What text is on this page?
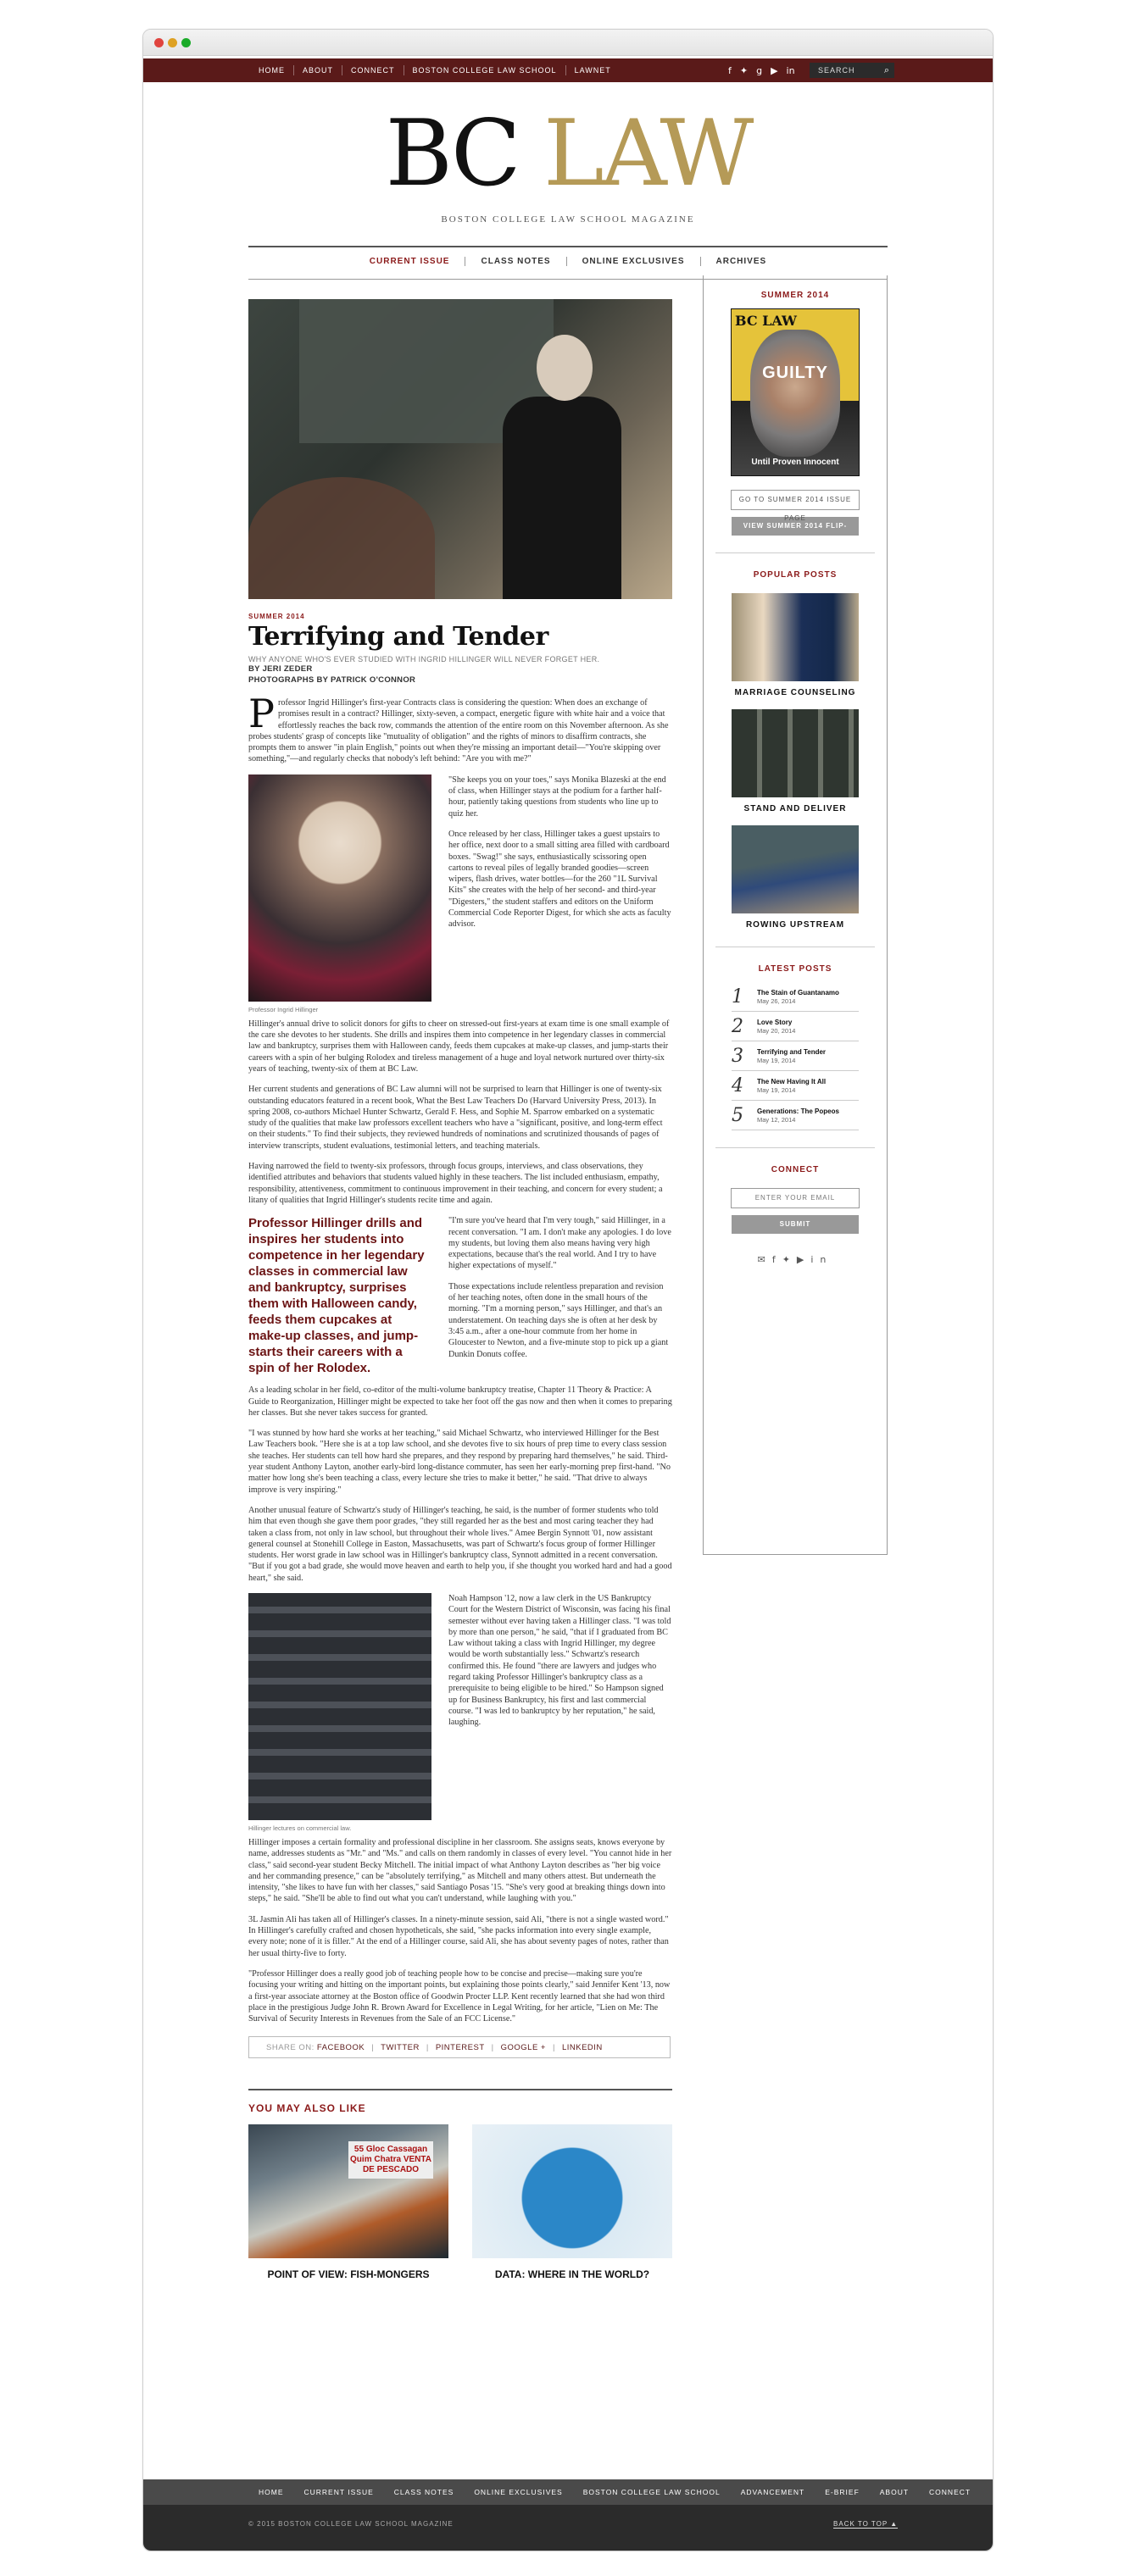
HOME	ABOUT	CONNECT	BOSTON COLLEGE LAW SCHOOL	LAWNET	f ✦ g ▶ in	SEARCH	⌕
BC LAW
BOSTON COLLEGE LAW SCHOOL MAGAZINE
CURRENT ISSUE	CLASS NOTES	ONLINE EXCLUSIVES	ARCHIVES
SUMMER 2014
Terrifying and Tender
WHY ANYONE WHO'S EVER STUDIED WITH INGRID HILLINGER WILL NEVER FORGET HER.
BY JERI ZEDER
PHOTOGRAPHS BY PATRICK O'CONNOR

Professor Ingrid Hillinger's first-year Contracts class is considering the question: When does an exchange of promises result in a contract? Hillinger, sixty-seven, a compact, energetic figure with white hair and a voice that effortlessly reaches the back row, commands the attention of the entire room on this November afternoon. As she probes students' grasp of concepts like "mutuality of obligation" and the rights of minors to disaffirm contracts, she prompts them to answer "in plain English," points out when they're missing an important detail—"You're skipping over something,"—and regularly checks that nobody's left behind: "Are you with me?"

Professor Ingrid Hillinger

"She keeps you on your toes," says Monika Blazeski at the end of class, when Hillinger stays at the podium for a farther half-hour, patiently taking questions from students who line up to quiz her.

Once released by her class, Hillinger takes a guest upstairs to her office, next door to a small sitting area filled with cardboard boxes. "Swag!" she says, enthusiastically scissoring open cartons to reveal piles of legally branded goodies—screen wipers, flash drives, water bottles—for the 260 "1L Survival Kits" she creates with the help of her second- and third-year "Digesters," the student staffers and editors on the Uniform Commercial Code Reporter Digest, for which she acts as faculty advisor.

Hillinger's annual drive to solicit donors for gifts to cheer on stressed-out first-years at exam time is one small example of the care she devotes to her students. She drills and inspires them into competence in her legendary classes in commercial law and bankruptcy, surprises them with Halloween candy, feeds them cupcakes at make-up classes, and jump-starts their careers with a spin of her bulging Rolodex and tireless management of a huge and loyal network nurtured over thirty-six years of teaching, twenty-six of them at BC Law.

Her current students and generations of BC Law alumni will not be surprised to learn that Hillinger is one of twenty-six outstanding educators featured in a recent book, What the Best Law Teachers Do (Harvard University Press, 2013). In spring 2008, co-authors Michael Hunter Schwartz, Gerald F. Hess, and Sophie M. Sparrow embarked on a systematic study of the qualities that make law professors excellent teachers who have a "significant, positive, and long-term effect on their students." To find their subjects, they reviewed hundreds of nominations and scrutinized thousands of pages of interview transcripts, student evaluations, testimonial letters, and teaching materials.

Having narrowed the field to twenty-six professors, through focus groups, interviews, and class observations, they identified attributes and behaviors that students valued highly in these teachers. The list included enthusiasm, empathy, responsibility, attentiveness, commitment to continuous improvement in their teaching, and concern for every student; a litany of qualities that Ingrid Hillinger's students recite time and again.

Professor Hillinger drills and inspires her students into competence in her legendary classes in commercial law and bankruptcy, surprises them with Halloween candy, feeds them cupcakes at make-up classes, and jump-starts their careers with a spin of her Rolodex.

"I'm sure you've heard that I'm very tough," said Hillinger, in a recent conversation. "I am. I don't make any apologies. I do love my students, but loving them also means having very high expectations, because that's the real world. And I try to have higher expectations of myself."

Those expectations include relentless preparation and revision of her teaching notes, often done in the small hours of the morning. "I'm a morning person," says Hillinger, and that's an understatement. On teaching days she is often at her desk by 3:45 a.m., after a one-hour commute from her home in Gloucester to Newton, and a five-minute stop to pick up a giant Dunkin Donuts coffee.

As a leading scholar in her field, co-editor of the multi-volume bankruptcy treatise, Chapter 11 Theory & Practice: A Guide to Reorganization, Hillinger might be expected to take her foot off the gas now and then when it comes to preparing her classes. But she never takes success for granted.

"I was stunned by how hard she works at her teaching," said Michael Schwartz, who interviewed Hillinger for the Best Law Teachers book. "Here she is at a top law school, and she devotes five to six hours of prep time to every class session she teaches. Her students can tell how hard she prepares, and they respond by preparing hard themselves," he said. Third-year student Anthony Layton, another early-bird long-distance commuter, has seen her early-morning prep first-hand. "No matter how long she's been teaching a class, every lecture she tries to make it better," he said. "That drive to always improve is very inspiring."

Another unusual feature of Schwartz's study of Hillinger's teaching, he said, is the number of former students who told him that even though she gave them poor grades, "they still regarded her as the best and most caring teacher they had taken a class from, not only in law school, but throughout their whole lives." Amee Bergin Synnott '01, now assistant general counsel at Stonehill College in Easton, Massachusetts, was part of Schwartz's focus group of former Hillinger students. Her worst grade in law school was in Hillinger's bankruptcy class, Synnott admitted in a recent conversation. "But if you got a bad grade, she would move heaven and earth to help you, if she thought you worked hard and had a good heart," she said.

Hillinger lectures on commercial law.

Noah Hampson '12, now a law clerk in the US Bankruptcy Court for the Western District of Wisconsin, was facing his final semester without ever having taken a Hillinger class. "I was told by more than one person," he said, "that if I graduated from BC Law without taking a class with Ingrid Hillinger, my degree would be worth substantially less." Schwartz's research confirmed this. He found "there are lawyers and judges who regard taking Professor Hillinger's bankruptcy class as a prerequisite to being eligible to be hired." So Hampson signed up for Business Bankruptcy, his first and last commercial course. "I was led to bankruptcy by her reputation," he said, laughing.

Hillinger imposes a certain formality and professional discipline in her classroom. She assigns seats, knows everyone by name, addresses students as "Mr." and "Ms." and calls on them randomly in classes of every level. "You cannot hide in her class," said second-year student Becky Mitchell. The initial impact of what Anthony Layton describes as "her big voice and her commanding presence," can be "absolutely terrifying," as Mitchell and many others attest. But underneath the intensity, "she likes to have fun with her classes," said Santiago Posas '15. "She's very good at breaking things down into steps," he said. "She'll be able to find out what you can't understand, while laughing with you."

3L Jasmin Ali has taken all of Hillinger's classes. In a ninety-minute session, said Ali, "there is not a single wasted word." In Hillinger's carefully crafted and chosen hypotheticals, she said, "she packs information into every single example, every note; none of it is filler." At the end of a Hillinger course, said Ali, she has about seventy pages of notes, rather than her usual thirty-five to forty.

"Professor Hillinger does a really good job of teaching people how to be concise and precise—making sure you're focusing your writing and hitting on the important points, but explaining those points clearly," said Jennifer Kent '13, now a first-year associate attorney at the Boston office of Goodwin Procter LLP. Kent recently learned that she had won third place in the prestigious Judge John R. Brown Award for Excellence in Legal Writing, for her article, "Lien on Me: The Survival of Security Interests in Revenues from the Sale of an FCC License."

SHARE ON: FACEBOOK | TWITTER | PINTEREST | GOOGLE + | LINKEDIN
YOU MAY ALSO LIKE
55 Gloc Cassagan Quim Chatra VENTA DE PESCADO
POINT OF VIEW: FISH-MONGERS	DATA: WHERE IN THE WORLD?
SUMMER 2014
BC LAW
GUILTY
Until Proven Innocent
GO TO SUMMER 2014 ISSUE
VIEW SUMMER 2014 FLIP-BOOK
POPULAR POSTS
MARRIAGE COUNSELING
STAND AND DELIVER
ROWING UPSTREAM
LATEST POSTS
1	The Stain of Guantanamo
May 26, 2014
2	Love Story
May 20, 2014
3	Terrifying and Tender
May 19, 2014
4	The New Having It All
May 19, 2014
5	Generations: The Popeos
May 12, 2014
CONNECT
ENTER YOUR EMAIL
SUBMIT
✉f✦▶in
HOME	CURRENT ISSUE	CLASS NOTES	ONLINE EXCLUSIVES	BOSTON COLLEGE LAW SCHOOL	ADVANCEMENT	E-BRIEF	ABOUT	CONNECT
© 2015 BOSTON COLLEGE LAW SCHOOL MAGAZINE	BACK TO TOP ▲
